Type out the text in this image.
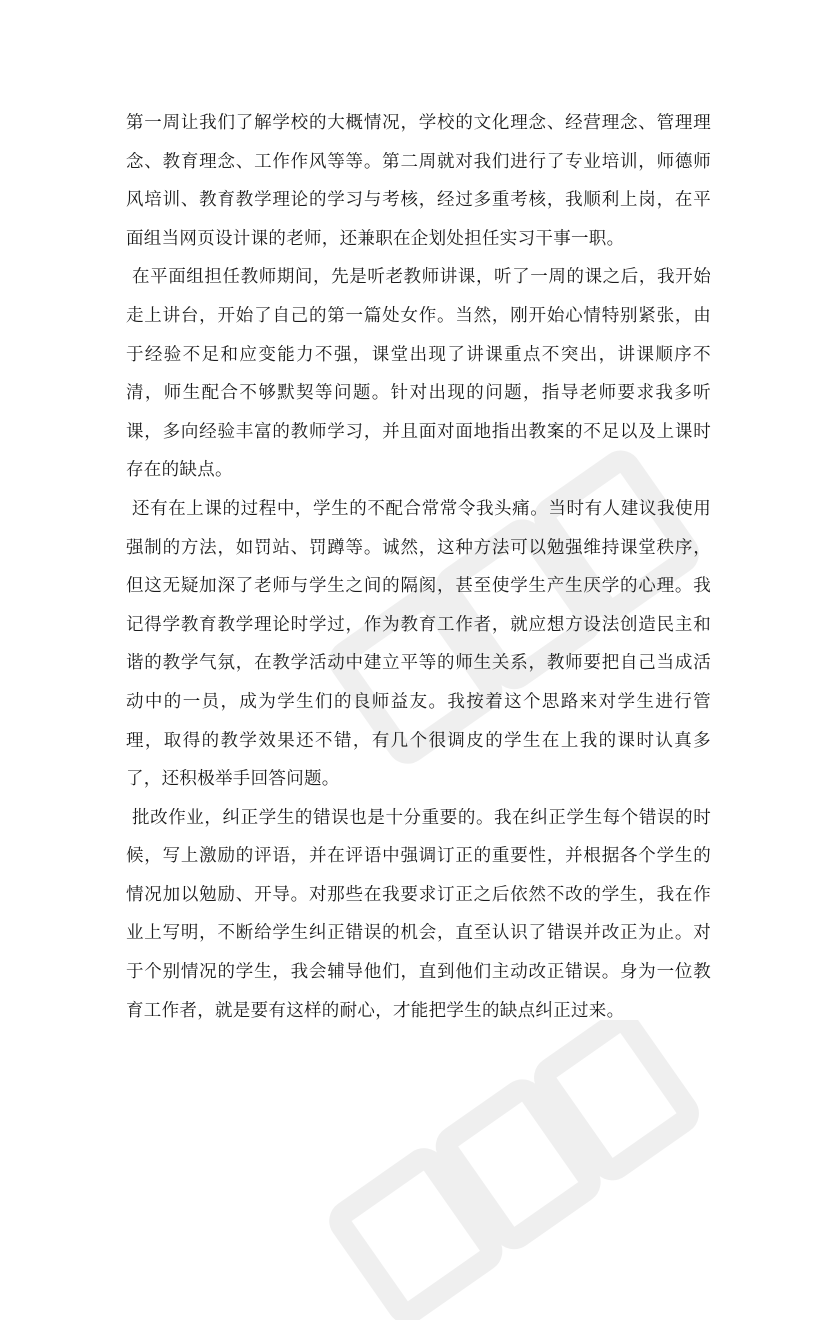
第一周让我们了解学校的大概情况，学校的文化理念、经营理念、管理理念、教育理念、工作作风等等。第二周就对我们进行了专业培训，师德师风培训、教育教学理论的学习与考核，经过多重考核，我顺利上岗，在平面组当网页设计课的老师，还兼职在企划处担任实习干事一职。

在平面组担任教师期间，先是听老教师讲课，听了一周的课之后，我开始走上讲台，开始了自己的第一篇处女作。当然，刚开始心情特别紧张，由于经验不足和应变能力不强，课堂出现了讲课重点不突出，讲课顺序不清，师生配合不够默契等问题。针对出现的问题，指导老师要求我多听课，多向经验丰富的教师学习，并且面对面地指出教案的不足以及上课时存在的缺点。

还有在上课的过程中，学生的不配合常常令我头痛。当时有人建议我使用强制的方法，如罚站、罚蹲等。诚然，这种方法可以勉强维持课堂秩序，但这无疑加深了老师与学生之间的隔阂，甚至使学生产生厌学的心理。我记得学教育教学理论时学过，作为教育工作者，就应想方设法创造民主和谐的教学气氛，在教学活动中建立平等的师生关系，教师要把自己当成活动中的一员，成为学生们的良师益友。我按着这个思路来对学生进行管理，取得的教学效果还不错，有几个很调皮的学生在上我的课时认真多了，还积极举手回答问题。

批改作业，纠正学生的错误也是十分重要的。我在纠正学生每个错误的时候，写上激励的评语，并在评语中强调订正的重要性，并根据各个学生的情况加以勉励、开导。对那些在我要求订正之后依然不改的学生，我在作业上写明，不断给学生纠正错误的机会，直至认识了错误并改正为止。对于个别情况的学生，我会辅导他们，直到他们主动改正错误。身为一位教育工作者，就是要有这样的耐心，才能把学生的缺点纠正过来。
